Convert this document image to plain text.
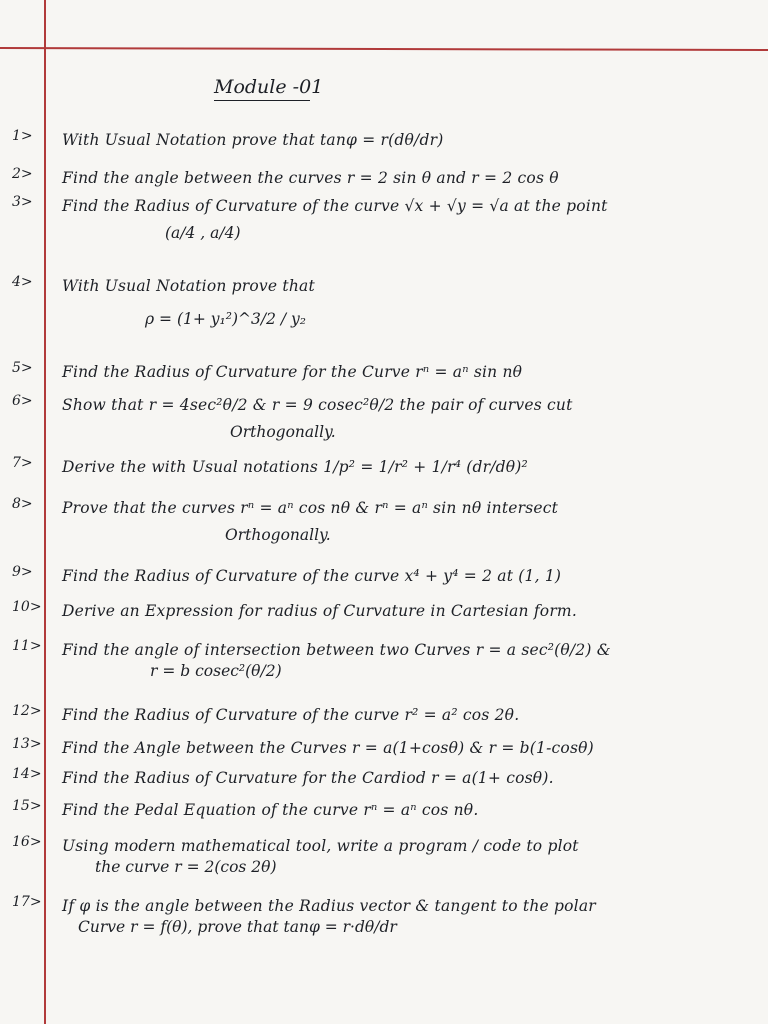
Module -01
1> With Usual Notation prove that tanφ = r(dθ/dr)
2> Find the angle between the curves r = 2 sin θ and r = 2 cos θ
3> Find the Radius of Curvature of the curve √x + √y = √a at the point
(a/4 , a/4)
4> With Usual Notation prove that
ρ = (1+ y₁²)^3/2 / y₂
5> Find the Radius of Curvature for the Curve rⁿ = aⁿ sin nθ
6> Show that r = 4sec²θ/2 & r = 9 cosec²θ/2 the pair of curves cut
Orthogonally.
7> Derive the with Usual notations 1/p² = 1/r² + 1/r⁴ (dr/dθ)²
8> Prove that the curves rⁿ = aⁿ cos nθ & rⁿ = aⁿ sin nθ intersect
Orthogonally.
9> Find the Radius of Curvature of the curve x⁴ + y⁴ = 2 at (1, 1)
10> Derive an Expression for radius of Curvature in Cartesian form.
11> Find the angle of intersection between two Curves r = a sec²(θ/2) &
r = b cosec²(θ/2)
12> Find the Radius of Curvature of the curve r² = a² cos 2θ.
13> Find the Angle between the Curves r = a(1+cosθ) & r = b(1-cosθ)
14> Find the Radius of Curvature for the Cardiod r = a(1+ cosθ).
15> Find the Pedal Equation of the curve rⁿ = aⁿ cos nθ.
16> Using modern mathematical tool, write a program / code to plot
the curve r = 2(cos 2θ)
17> If φ is the angle between the Radius vector & tangent to the polar
Curve r = f(θ), prove that tanφ = r·dθ/dr
